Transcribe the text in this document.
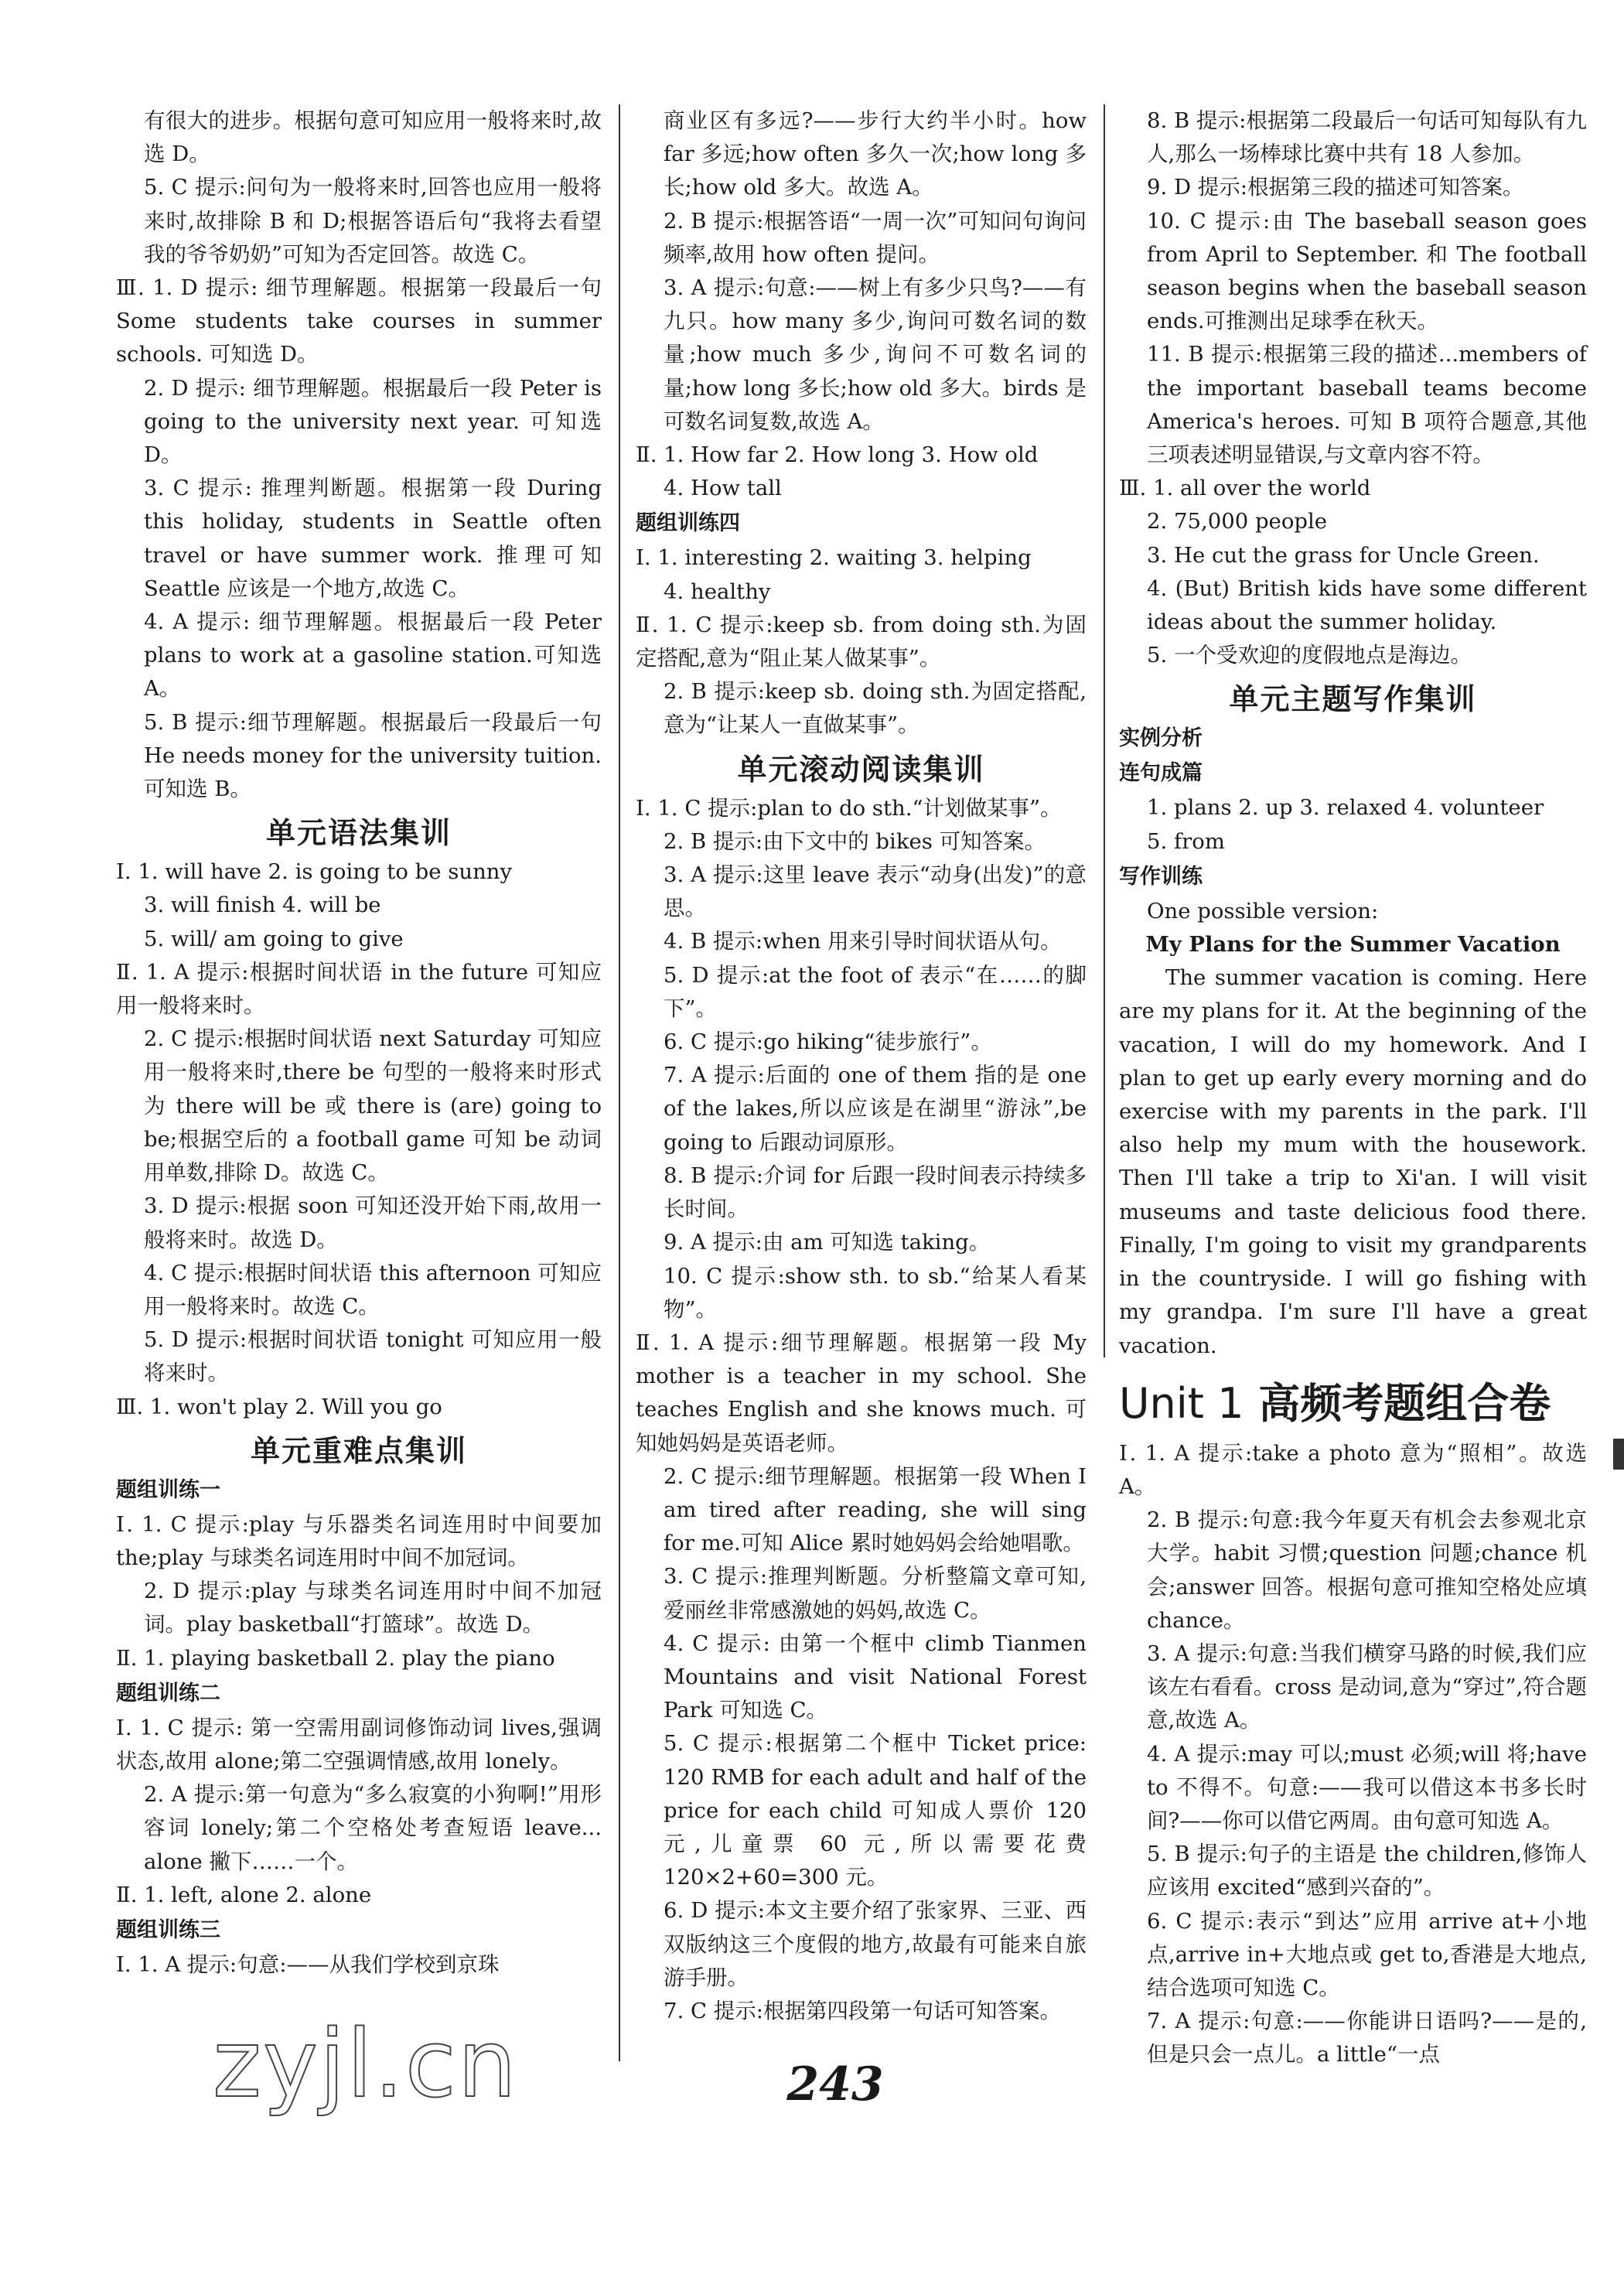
有很大的进步。根据句意可知应用一般将来时,故选 D。

5. C 提示:问句为一般将来时,回答也应用一般将来时,故排除 B 和 D;根据答语后句“我将去看望我的爷爷奶奶”可知为否定回答。故选 C。

Ⅲ. 1. D 提示: 细节理解题。根据第一段最后一句 Some students take courses in summer schools. 可知选 D。

2. D 提示: 细节理解题。根据最后一段 Peter is going to the university next year. 可知选 D。

3. C 提示: 推理判断题。根据第一段 During this holiday, students in Seattle often travel or have summer work. 推理可知 Seattle 应该是一个地方,故选 C。

4. A 提示: 细节理解题。根据最后一段 Peter plans to work at a gasoline station.可知选 A。

5. B 提示:细节理解题。根据最后一段最后一句 He needs money for the university tuition. 可知选 B。

单元语法集训

Ⅰ. 1. will have 2. is going to be sunny

3. will finish 4. will be

5. will/ am going to give

Ⅱ. 1. A 提示:根据时间状语 in the future 可知应用一般将来时。

2. C 提示:根据时间状语 next Saturday 可知应用一般将来时,there be 句型的一般将来时形式为 there will be 或 there is (are) going to be;根据空后的 a football game 可知 be 动词用单数,排除 D。故选 C。

3. D 提示:根据 soon 可知还没开始下雨,故用一般将来时。故选 D。

4. C 提示:根据时间状语 this afternoon 可知应用一般将来时。故选 C。

5. D 提示:根据时间状语 tonight 可知应用一般将来时。

Ⅲ. 1. won't play 2. Will you go

单元重难点集训
题组训练一

Ⅰ. 1. C 提示:play 与乐器类名词连用时中间要加 the;play 与球类名词连用时中间不加冠词。

2. D 提示:play 与球类名词连用时中间不加冠词。play basketball“打篮球”。故选 D。

Ⅱ. 1. playing basketball 2. play the piano

题组训练二

Ⅰ. 1. C 提示: 第一空需用副词修饰动词 lives,强调状态,故用 alone;第二空强调情感,故用 lonely。

2. A 提示:第一句意为“多么寂寞的小狗啊!”用形容词 lonely;第二个空格处考查短语 leave... alone 撇下……一个。

Ⅱ. 1. left, alone 2. alone

题组训练三

Ⅰ. 1. A 提示:句意:——从我们学校到京珠

商业区有多远?——步行大约半小时。how far 多远;how often 多久一次;how long 多长;how old 多大。故选 A。

2. B 提示:根据答语“一周一次”可知问句询问频率,故用 how often 提问。

3. A 提示:句意:——树上有多少只鸟?——有九只。how many 多少,询问可数名词的数量;how much 多少,询问不可数名词的量;how long 多长;how old 多大。birds 是可数名词复数,故选 A。

Ⅱ. 1. How far 2. How long 3. How old

4. How tall

题组训练四

Ⅰ. 1. interesting 2. waiting 3. helping

4. healthy

Ⅱ. 1. C 提示:keep sb. from doing sth.为固定搭配,意为“阻止某人做某事”。

2. B 提示:keep sb. doing sth.为固定搭配,意为“让某人一直做某事”。

单元滚动阅读集训

Ⅰ. 1. C 提示:plan to do sth.“计划做某事”。

2. B 提示:由下文中的 bikes 可知答案。

3. A 提示:这里 leave 表示“动身(出发)”的意思。

4. B 提示:when 用来引导时间状语从句。

5. D 提示:at the foot of 表示“在……的脚下”。

6. C 提示:go hiking“徒步旅行”。

7. A 提示:后面的 one of them 指的是 one of the lakes,所以应该是在湖里“游泳”,be going to 后跟动词原形。

8. B 提示:介词 for 后跟一段时间表示持续多长时间。

9. A 提示:由 am 可知选 taking。

10. C 提示:show sth. to sb.“给某人看某物”。

Ⅱ. 1. A 提示:细节理解题。根据第一段 My mother is a teacher in my school. She teaches English and she knows much. 可知她妈妈是英语老师。

2. C 提示:细节理解题。根据第一段 When I am tired after reading, she will sing for me.可知 Alice 累时她妈妈会给她唱歌。

3. C 提示:推理判断题。分析整篇文章可知,爱丽丝非常感激她的妈妈,故选 C。

4. C 提示: 由第一个框中 climb Tianmen Mountains and visit National Forest Park 可知选 C。

5. C 提示:根据第二个框中 Ticket price: 120 RMB for each adult and half of the price for each child 可知成人票价 120 元,儿童票 60 元,所以需要花费 120×2+60=300 元。

6. D 提示:本文主要介绍了张家界、三亚、西双版纳这三个度假的地方,故最有可能来自旅游手册。

7. C 提示:根据第四段第一句话可知答案。

8. B 提示:根据第二段最后一句话可知每队有九人,那么一场棒球比赛中共有 18 人参加。

9. D 提示:根据第三段的描述可知答案。

10. C 提示:由 The baseball season goes from April to September. 和 The football season begins when the baseball season ends.可推测出足球季在秋天。

11. B 提示:根据第三段的描述...members of the important baseball teams become America's heroes. 可知 B 项符合题意,其他三项表述明显错误,与文章内容不符。

Ⅲ. 1. all over the world

2. 75,000 people

3. He cut the grass for Uncle Green.

4. (But) British kids have some different ideas about the summer holiday.

5. 一个受欢迎的度假地点是海边。

单元主题写作集训
实例分析
连句成篇

1. plans 2. up 3. relaxed 4. volunteer

5. from

写作训练

One possible version:

My Plans for the Summer Vacation

The summer vacation is coming. Here are my plans for it. At the beginning of the vacation, I will do my homework. And I plan to get up early every morning and do exercise with my parents in the park. I'll also help my mum with the housework. Then I'll take a trip to Xi'an. I will visit museums and taste delicious food there. Finally, I'm going to visit my grandparents in the countryside. I will go fishing with my grandpa. I'm sure I'll have a great vacation.

Unit 1 高频考题组合卷

Ⅰ. 1. A 提示:take a photo 意为“照相”。故选 A。

2. B 提示:句意:我今年夏天有机会去参观北京大学。habit 习惯;question 问题;chance 机会;answer 回答。根据句意可推知空格处应填 chance。

3. A 提示:句意:当我们横穿马路的时候,我们应该左右看看。cross 是动词,意为“穿过”,符合题意,故选 A。

4. A 提示:may 可以;must 必须;will 将;have to 不得不。句意:——我可以借这本书多长时间?——你可以借它两周。由句意可知选 A。

5. B 提示:句子的主语是 the children,修饰人应该用 excited“感到兴奋的”。

6. C 提示:表示“到达”应用 arrive at+小地点,arrive in+大地点或 get to,香港是大地点,结合选项可知选 C。

7. A 提示:句意:——你能讲日语吗?——是的,但是只会一点儿。a little“一点

zyjl.cn	243
